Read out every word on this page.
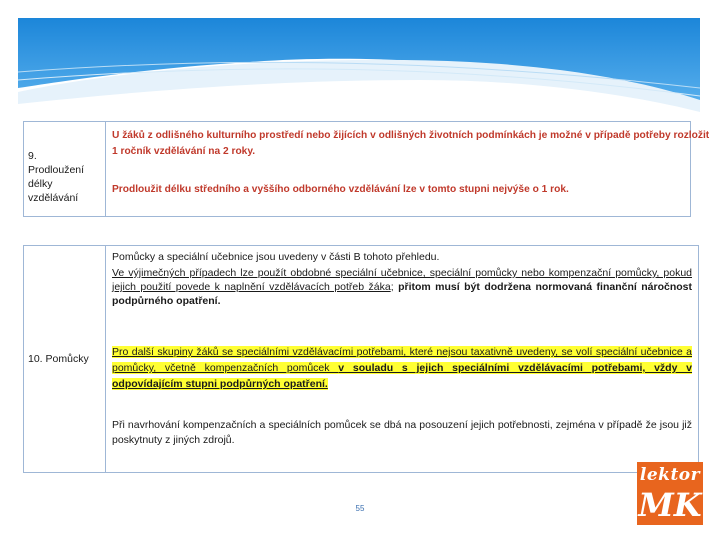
9.
Prodloužení
délky vzdělávání
U žáků z odlišného kulturního prostředí nebo žijících v odlišných životních podmínkách je možné v případě potřeby rozložit
1 ročník vzdělávání na 2 roky.
Prodloužit délku středního a vyššího odborného vzdělávání lze v tomto stupni nejvýše o 1 rok.
10. Pomůcky

Pomůcky a speciální učebnice jsou uvedeny v části B tohoto přehledu.

Ve výjimečných případech lze použít obdobné speciální učebnice, speciální pomůcky nebo kompenzační pomůcky, pokud jejich použití povede k naplnění vzdělávacích potřeb žáka; přitom musí být dodržena normovaná finanční náročnost podpůrného opatření.

Pro další skupiny žáků se speciálními vzdělávacími potřebami, které nejsou taxativně uvedeny, se volí speciální učebnice a pomůcky, včetně kompenzačních pomůcek v souladu s jejich speciálními vzdělávacími potřebami, vždy v odpovídajícím stupni podpůrných opatření.

Při navrhování kompenzačních a speciálních pomůcek se dbá na posouzení jejich potřebnosti, zejména v případě že jsou již poskytnuty z jiných zdrojů.

55
lektor
MK
